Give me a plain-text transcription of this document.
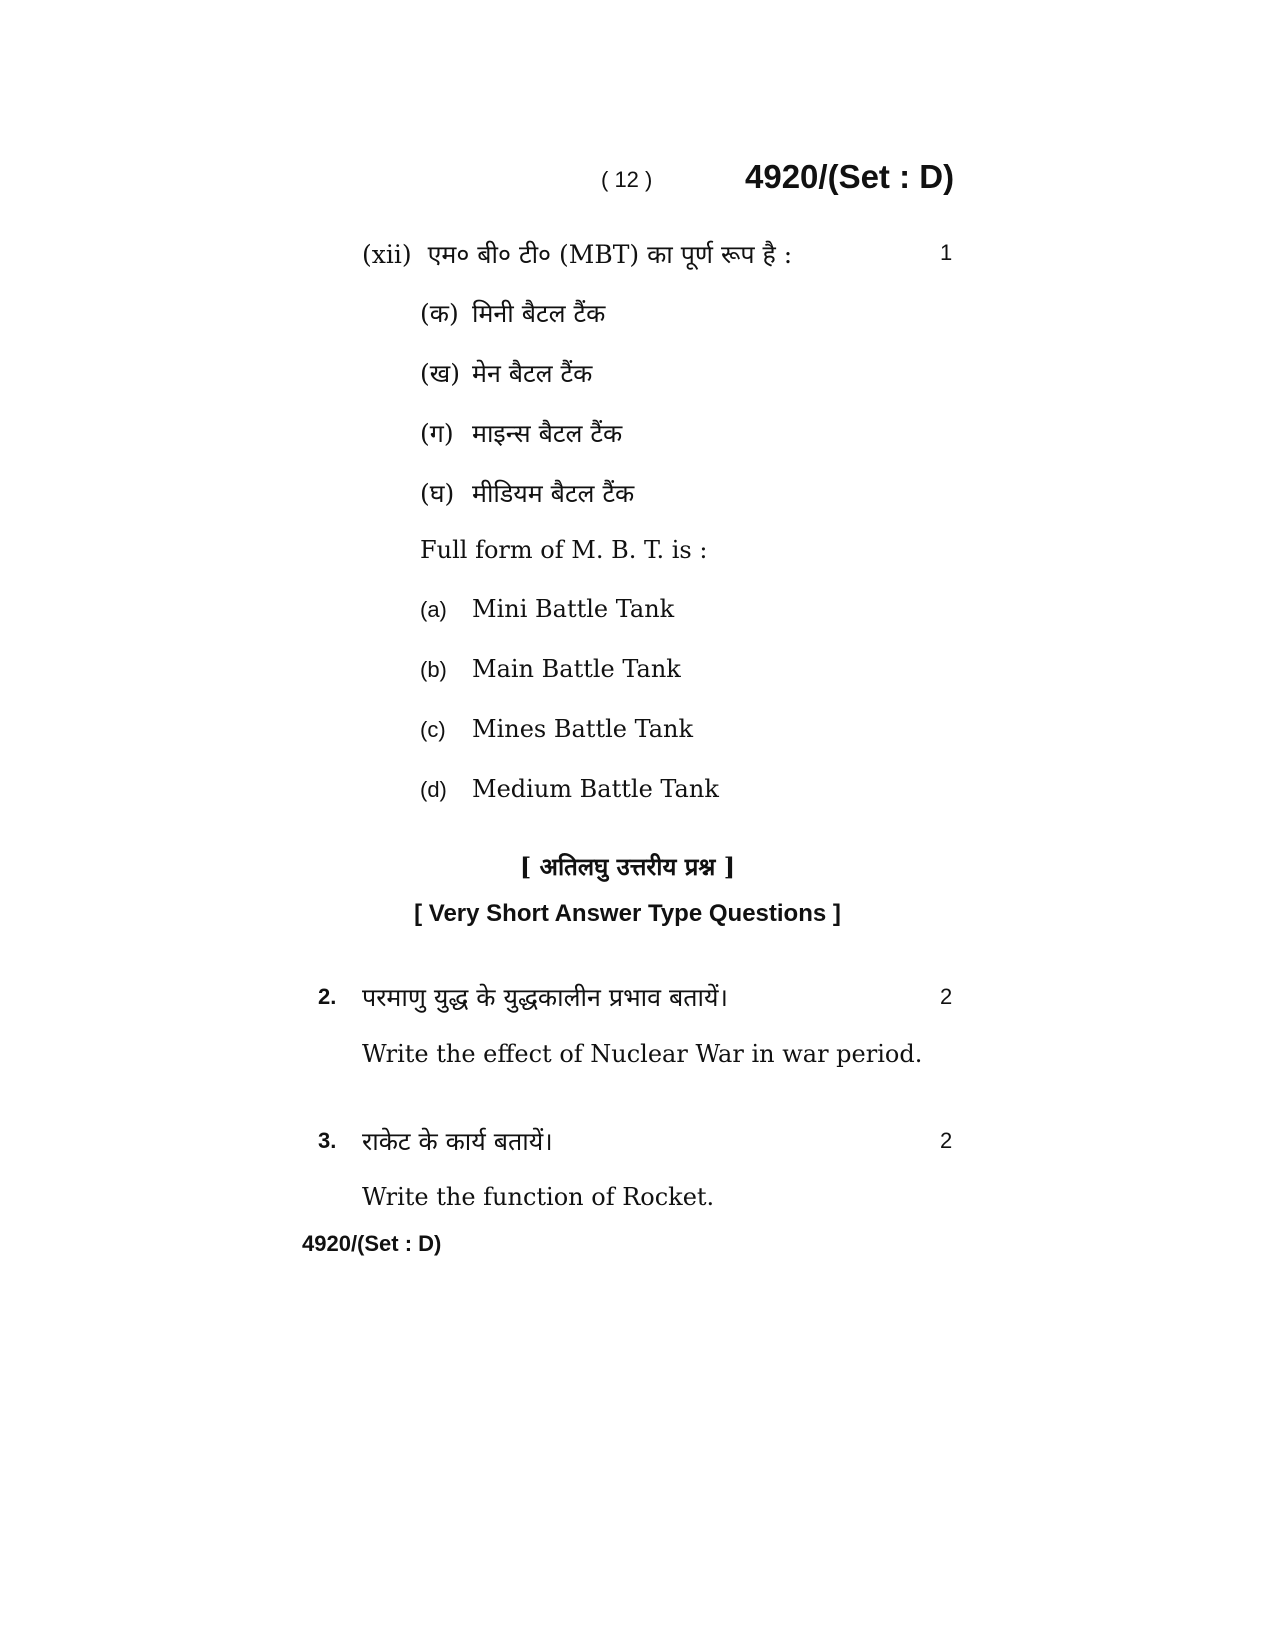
( 12 )	4920/(Set : D)
(xii) एम० बी० टी० (MBT) का पूर्ण रूप है :	1
(क) मिनी बैटल टैंक
(ख) मेन बैटल टैंक
(ग) माइन्स बैटल टैंक
(घ) मीडियम बैटल टैंक
Full form of M. B. T. is :
(a) Mini Battle Tank
(b) Main Battle Tank
(c) Mines Battle Tank
(d) Medium Battle Tank
[ अतिलघु उत्तरीय प्रश्न ]
[ Very Short Answer Type Questions ]
2. परमाणु युद्ध के युद्धकालीन प्रभाव बतायें।	2
Write the effect of Nuclear War in war period.
3. राकेट के कार्य बतायें।	2
Write the function of Rocket.
4920/(Set : D)
